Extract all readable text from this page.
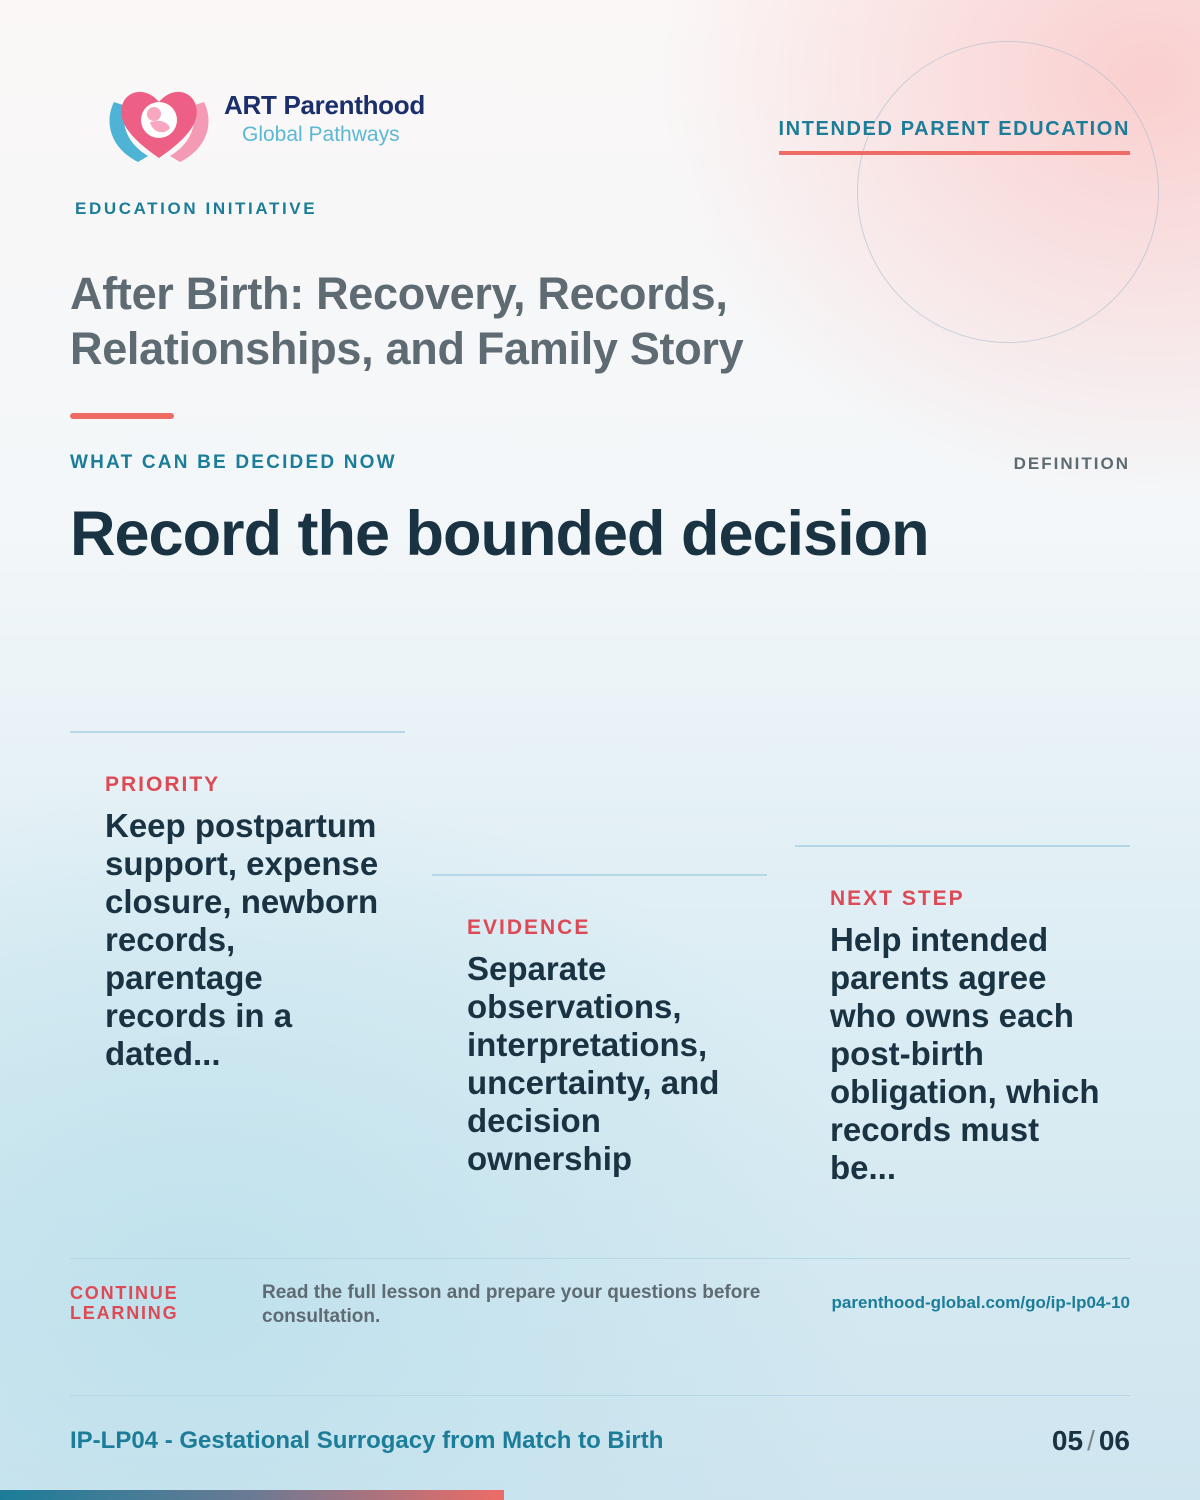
ART Parenthood
Global Pathways
EDUCATION INITIATIVE
INTENDED PARENT EDUCATION
After Birth: Recovery, Records, Relationships, and Family Story
WHAT CAN BE DECIDED NOW	DEFINITION
Record the bounded decision
PRIORITY
Keep postpartum support, expense closure, newborn records, parentage records in a dated...
EVIDENCE
Separate observations, interpretations, uncertainty, and decision ownership
NEXT STEP
Help intended parents agree who owns each post-birth obligation, which records must be...
CONTINUE LEARNING
Read the full lesson and prepare your questions before consultation.
parenthood-global.com/go/ip-lp04-10
IP-LP04 - Gestational Surrogacy from Match to Birth	05 / 06
